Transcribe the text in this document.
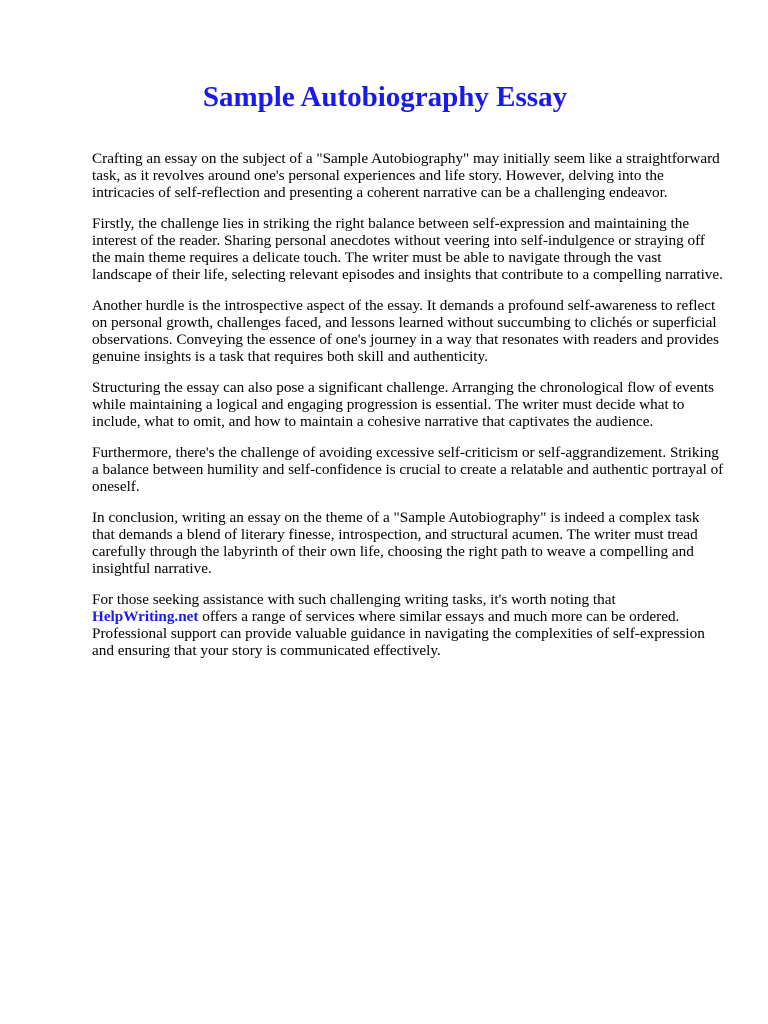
Sample Autobiography Essay

Crafting an essay on the subject of a "Sample Autobiography" may initially seem like a straightforward task, as it revolves around one's personal experiences and life story. However, delving into the intricacies of self-reflection and presenting a coherent narrative can be a challenging endeavor.

Firstly, the challenge lies in striking the right balance between self-expression and maintaining the interest of the reader. Sharing personal anecdotes without veering into self-indulgence or straying off the main theme requires a delicate touch. The writer must be able to navigate through the vast landscape of their life, selecting relevant episodes and insights that contribute to a compelling narrative.

Another hurdle is the introspective aspect of the essay. It demands a profound self-awareness to reflect on personal growth, challenges faced, and lessons learned without succumbing to clichés or superficial observations. Conveying the essence of one's journey in a way that resonates with readers and provides genuine insights is a task that requires both skill and authenticity.

Structuring the essay can also pose a significant challenge. Arranging the chronological flow of events while maintaining a logical and engaging progression is essential. The writer must decide what to include, what to omit, and how to maintain a cohesive narrative that captivates the audience.

Furthermore, there's the challenge of avoiding excessive self-criticism or self-aggrandizement. Striking a balance between humility and self-confidence is crucial to create a relatable and authentic portrayal of oneself.

In conclusion, writing an essay on the theme of a "Sample Autobiography" is indeed a complex task that demands a blend of literary finesse, introspection, and structural acumen. The writer must tread carefully through the labyrinth of their own life, choosing the right path to weave a compelling and insightful narrative.

For those seeking assistance with such challenging writing tasks, it's worth noting that
HelpWriting.net offers a range of services where similar essays and much more can be ordered. Professional support can provide valuable guidance in navigating the complexities of self-expression and ensuring that your story is communicated effectively.
